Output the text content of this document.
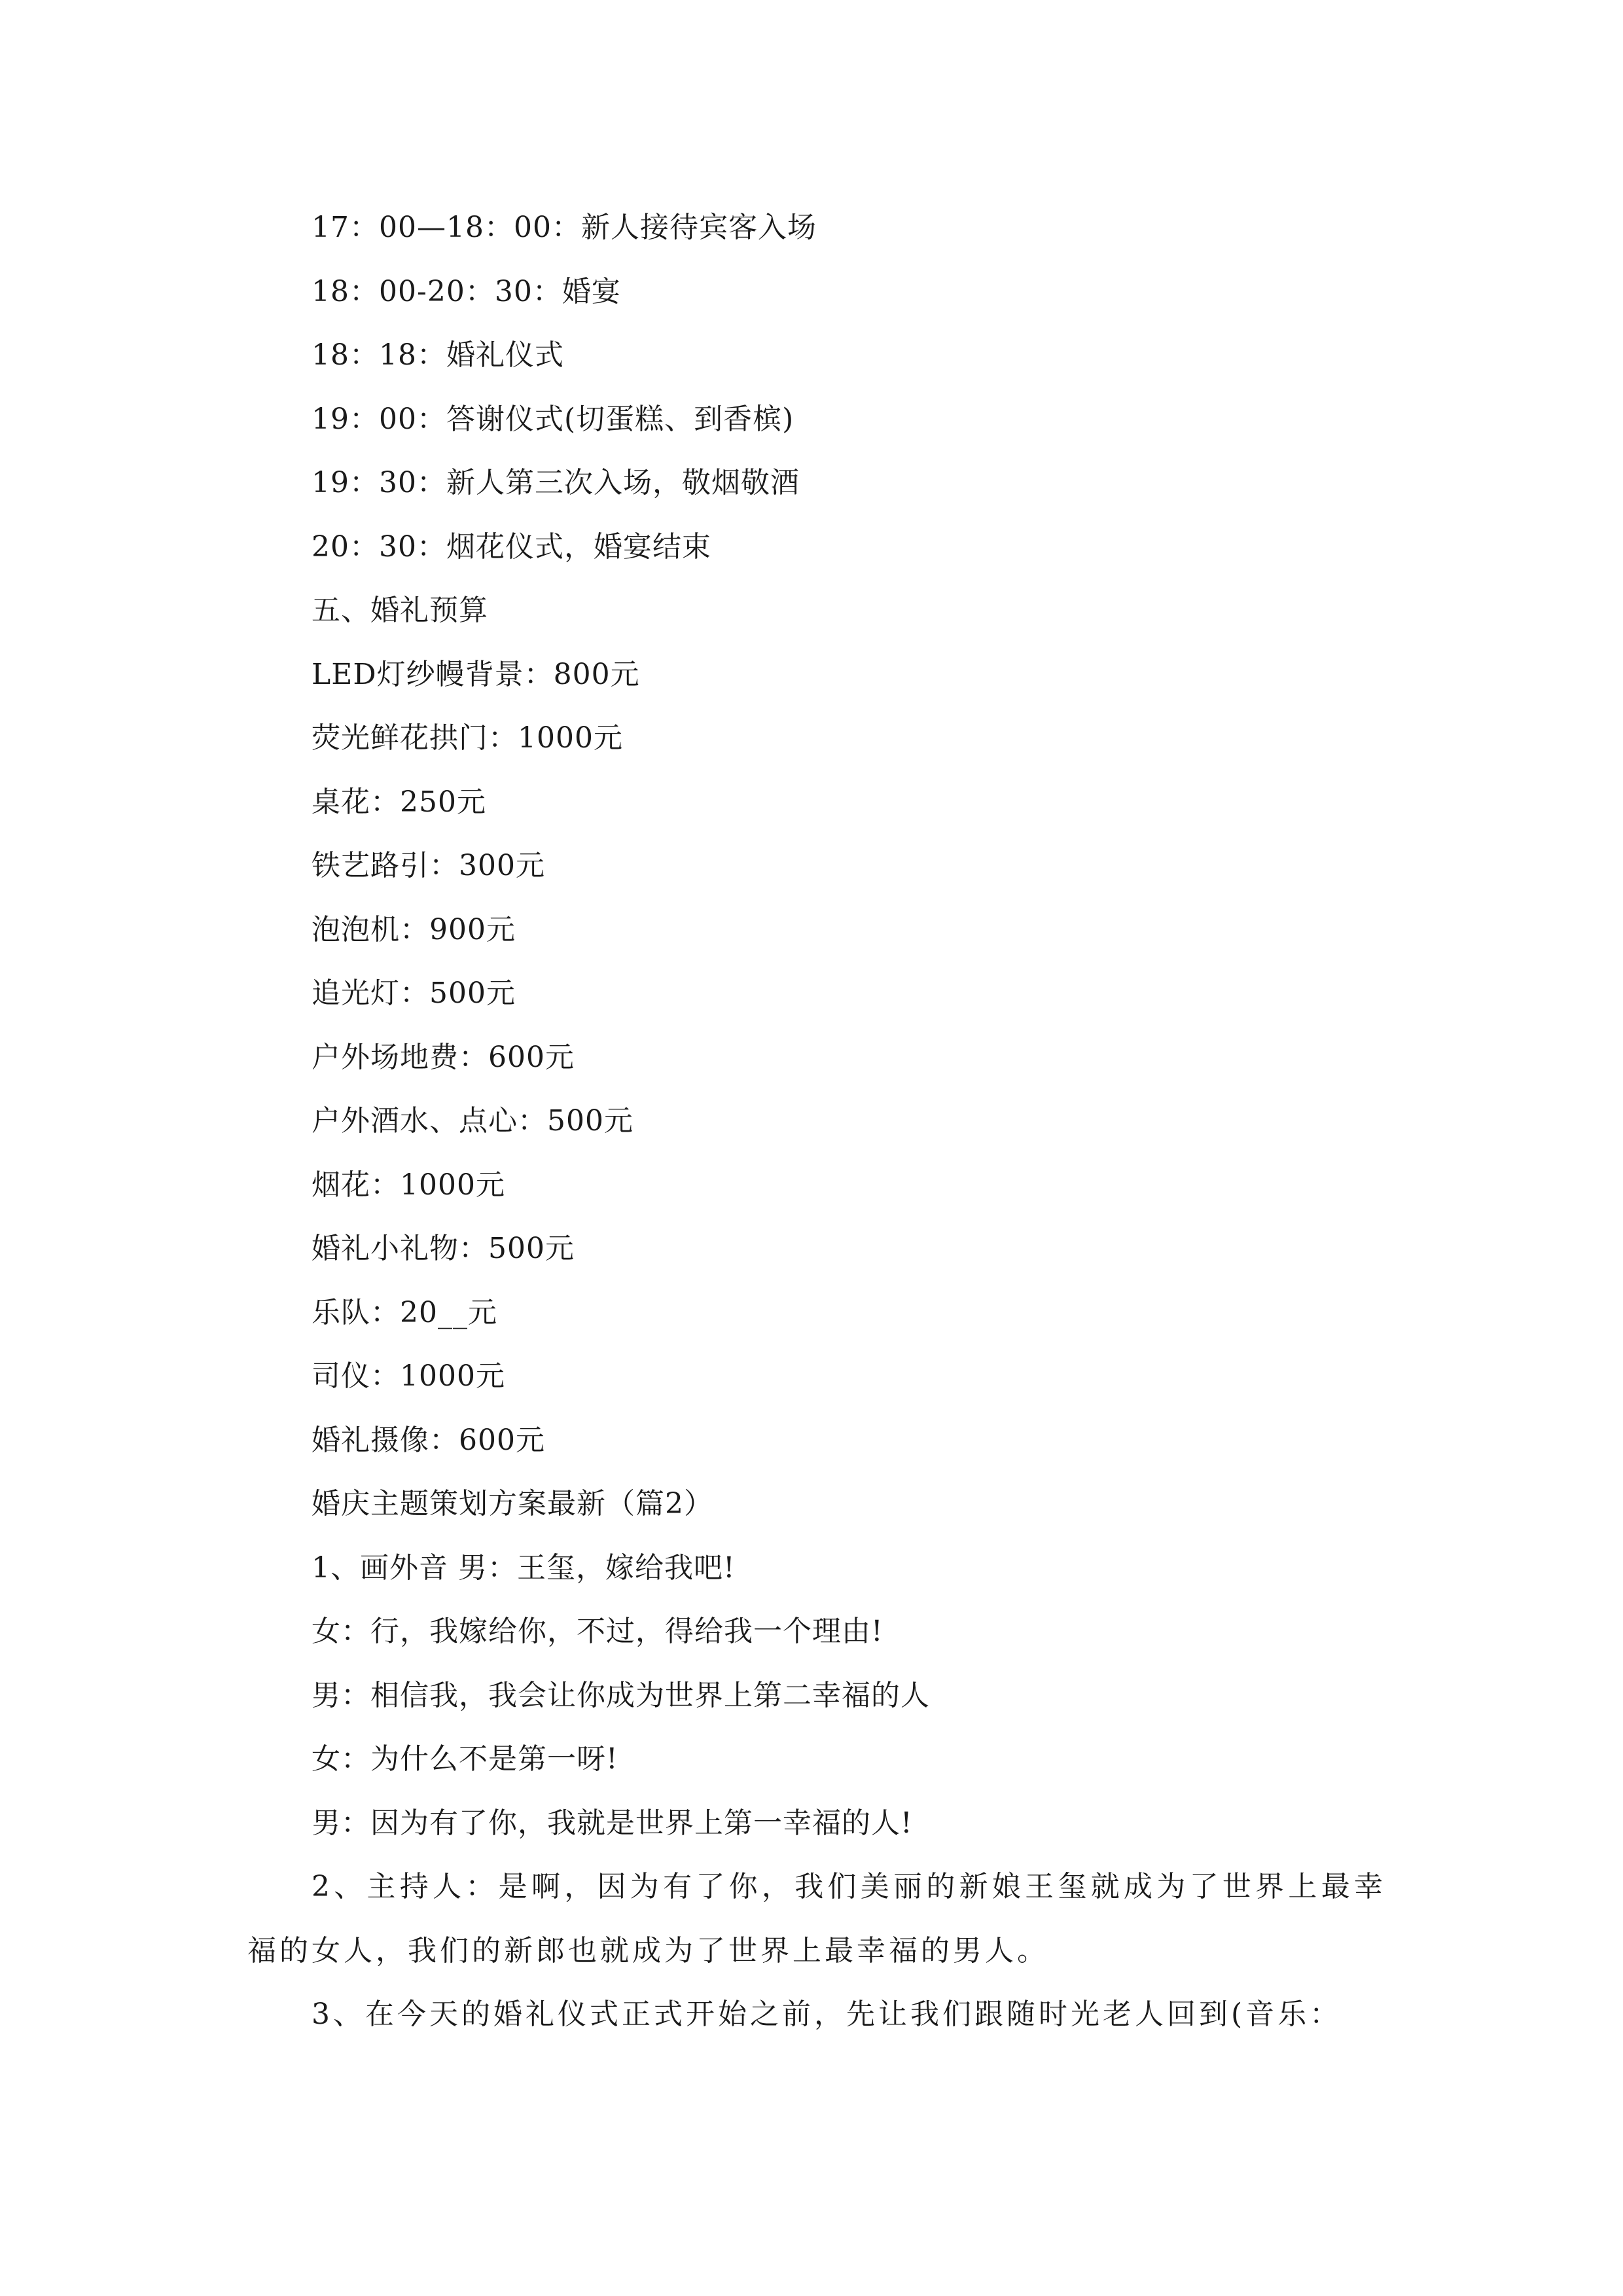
17：00—18：00：新人接待宾客入场
18：00-20：30：婚宴
18：18：婚礼仪式
19：00：答谢仪式(切蛋糕、到香槟)
19：30：新人第三次入场，敬烟敬酒
20：30：烟花仪式，婚宴结束
五、婚礼预算
LED灯纱幔背景：800元
荧光鲜花拱门：1000元
桌花：250元
铁艺路引：300元
泡泡机：900元
追光灯：500元
户外场地费：600元
户外酒水、点心：500元
烟花：1000元
婚礼小礼物：500元
乐队：20__元
司仪：1000元
婚礼摄像：600元
婚庆主题策划方案最新（篇2）
1、画外音 男：王玺，嫁给我吧!
女：行，我嫁给你，不过，得给我一个理由!
男：相信我，我会让你成为世界上第二幸福的人
女：为什么不是第一呀!
男：因为有了你，我就是世界上第一幸福的人!
2、主持人：是啊，因为有了你，我们美丽的新娘王玺就成为了世界上最幸福的女人，我们的新郎也就成为了世界上最幸福的男人。
3、在今天的婚礼仪式正式开始之前，先让我们跟随时光老人回到(音乐：
